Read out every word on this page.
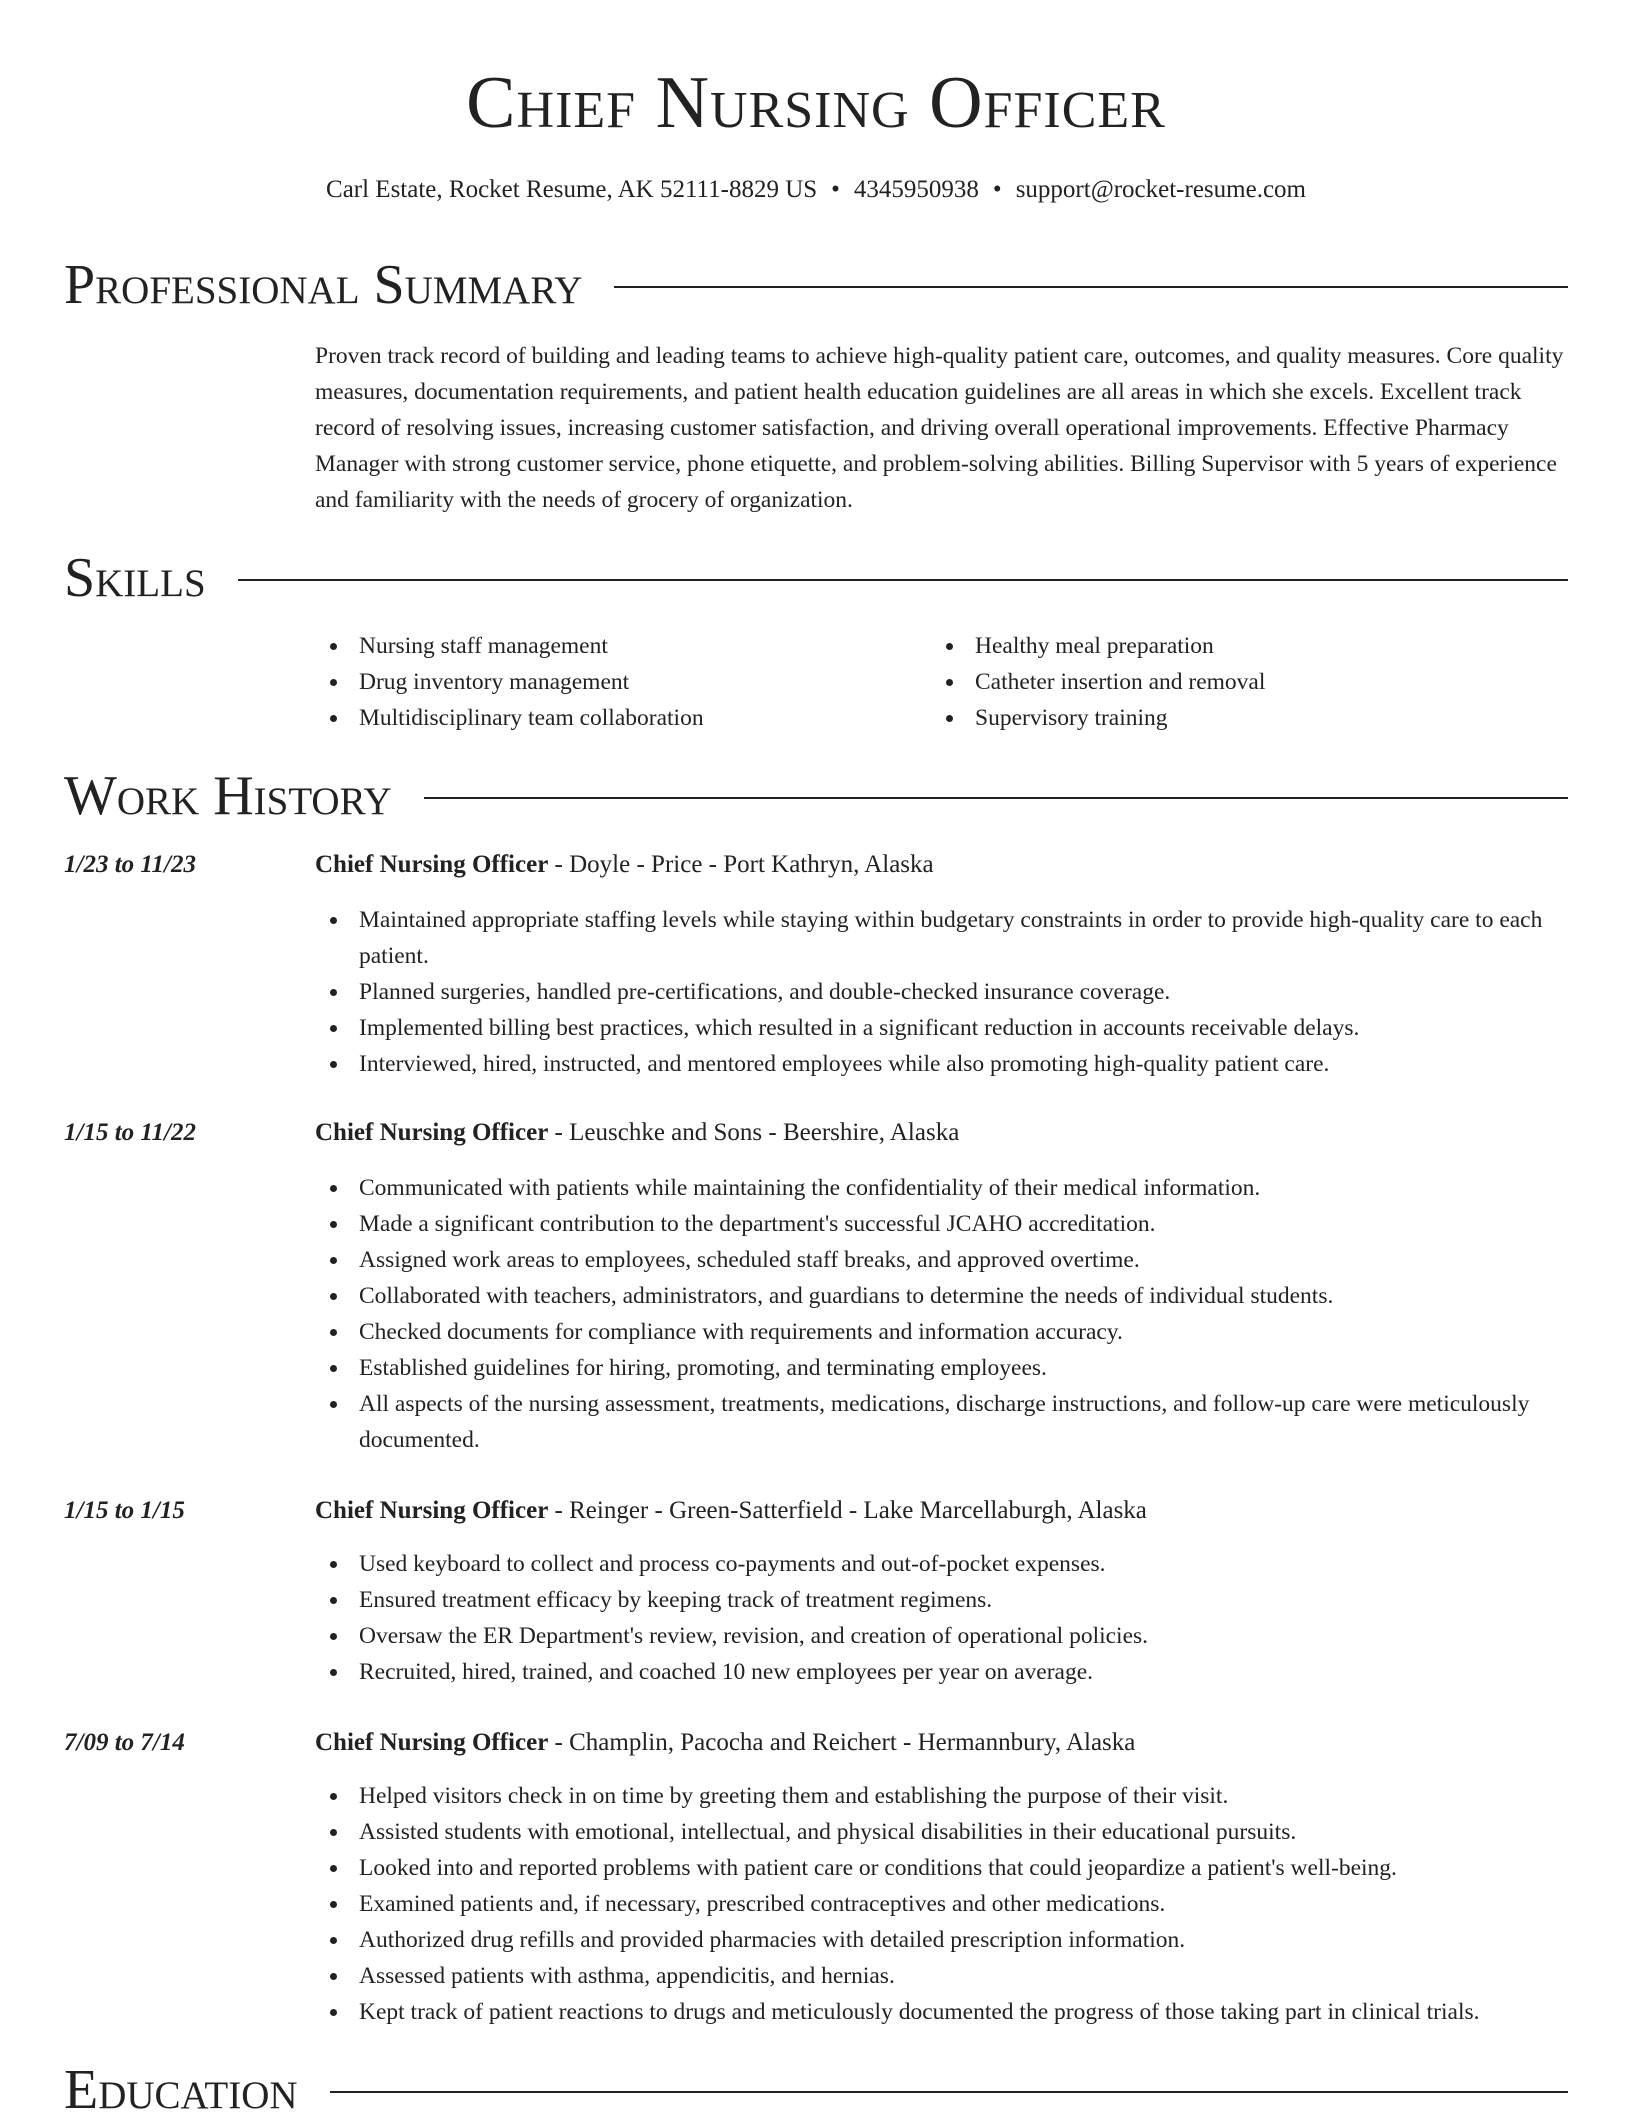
Chief Nursing Officer
Carl Estate, Rocket Resume, AK 52111-8829 US • 4345950938 • support@rocket-resume.com
Professional Summary

Proven track record of building and leading teams to achieve high-quality patient care, outcomes, and quality measures. Core quality measures, documentation requirements, and patient health education guidelines are all areas in which she excels. Excellent track record of resolving issues, increasing customer satisfaction, and driving overall operational improvements. Effective Pharmacy Manager with strong customer service, phone etiquette, and problem-solving abilities. Billing Supervisor with 5 years of experience and familiarity with the needs of grocery of organization.

Skills
Nursing staff management
Drug inventory management
Multidisciplinary team collaboration
Healthy meal preparation
Catheter insertion and removal
Supervisory training
Work History
1/23 to 11/23	Chief Nursing Officer - Doyle - Price - Port Kathryn, Alaska
Maintained appropriate staffing levels while staying within budgetary constraints in order to provide high-quality care to each patient.
Planned surgeries, handled pre-certifications, and double-checked insurance coverage.
Implemented billing best practices, which resulted in a significant reduction in accounts receivable delays.
Interviewed, hired, instructed, and mentored employees while also promoting high-quality patient care.
1/15 to 11/22	Chief Nursing Officer - Leuschke and Sons - Beershire, Alaska
Communicated with patients while maintaining the confidentiality of their medical information.
Made a significant contribution to the department's successful JCAHO accreditation.
Assigned work areas to employees, scheduled staff breaks, and approved overtime.
Collaborated with teachers, administrators, and guardians to determine the needs of individual students.
Checked documents for compliance with requirements and information accuracy.
Established guidelines for hiring, promoting, and terminating employees.
All aspects of the nursing assessment, treatments, medications, discharge instructions, and follow-up care were meticulously documented.
1/15 to 1/15	Chief Nursing Officer - Reinger - Green-Satterfield - Lake Marcellaburgh, Alaska
Used keyboard to collect and process co-payments and out-of-pocket expenses.
Ensured treatment efficacy by keeping track of treatment regimens.
Oversaw the ER Department's review, revision, and creation of operational policies.
Recruited, hired, trained, and coached 10 new employees per year on average.
7/09 to 7/14	Chief Nursing Officer - Champlin, Pacocha and Reichert - Hermannbury, Alaska
Helped visitors check in on time by greeting them and establishing the purpose of their visit.
Assisted students with emotional, intellectual, and physical disabilities in their educational pursuits.
Looked into and reported problems with patient care or conditions that could jeopardize a patient's well-being.
Examined patients and, if necessary, prescribed contraceptives and other medications.
Authorized drug refills and provided pharmacies with detailed prescription information.
Assessed patients with asthma, appendicitis, and hernias.
Kept track of patient reactions to drugs and meticulously documented the progress of those taking part in clinical trials.
Education
